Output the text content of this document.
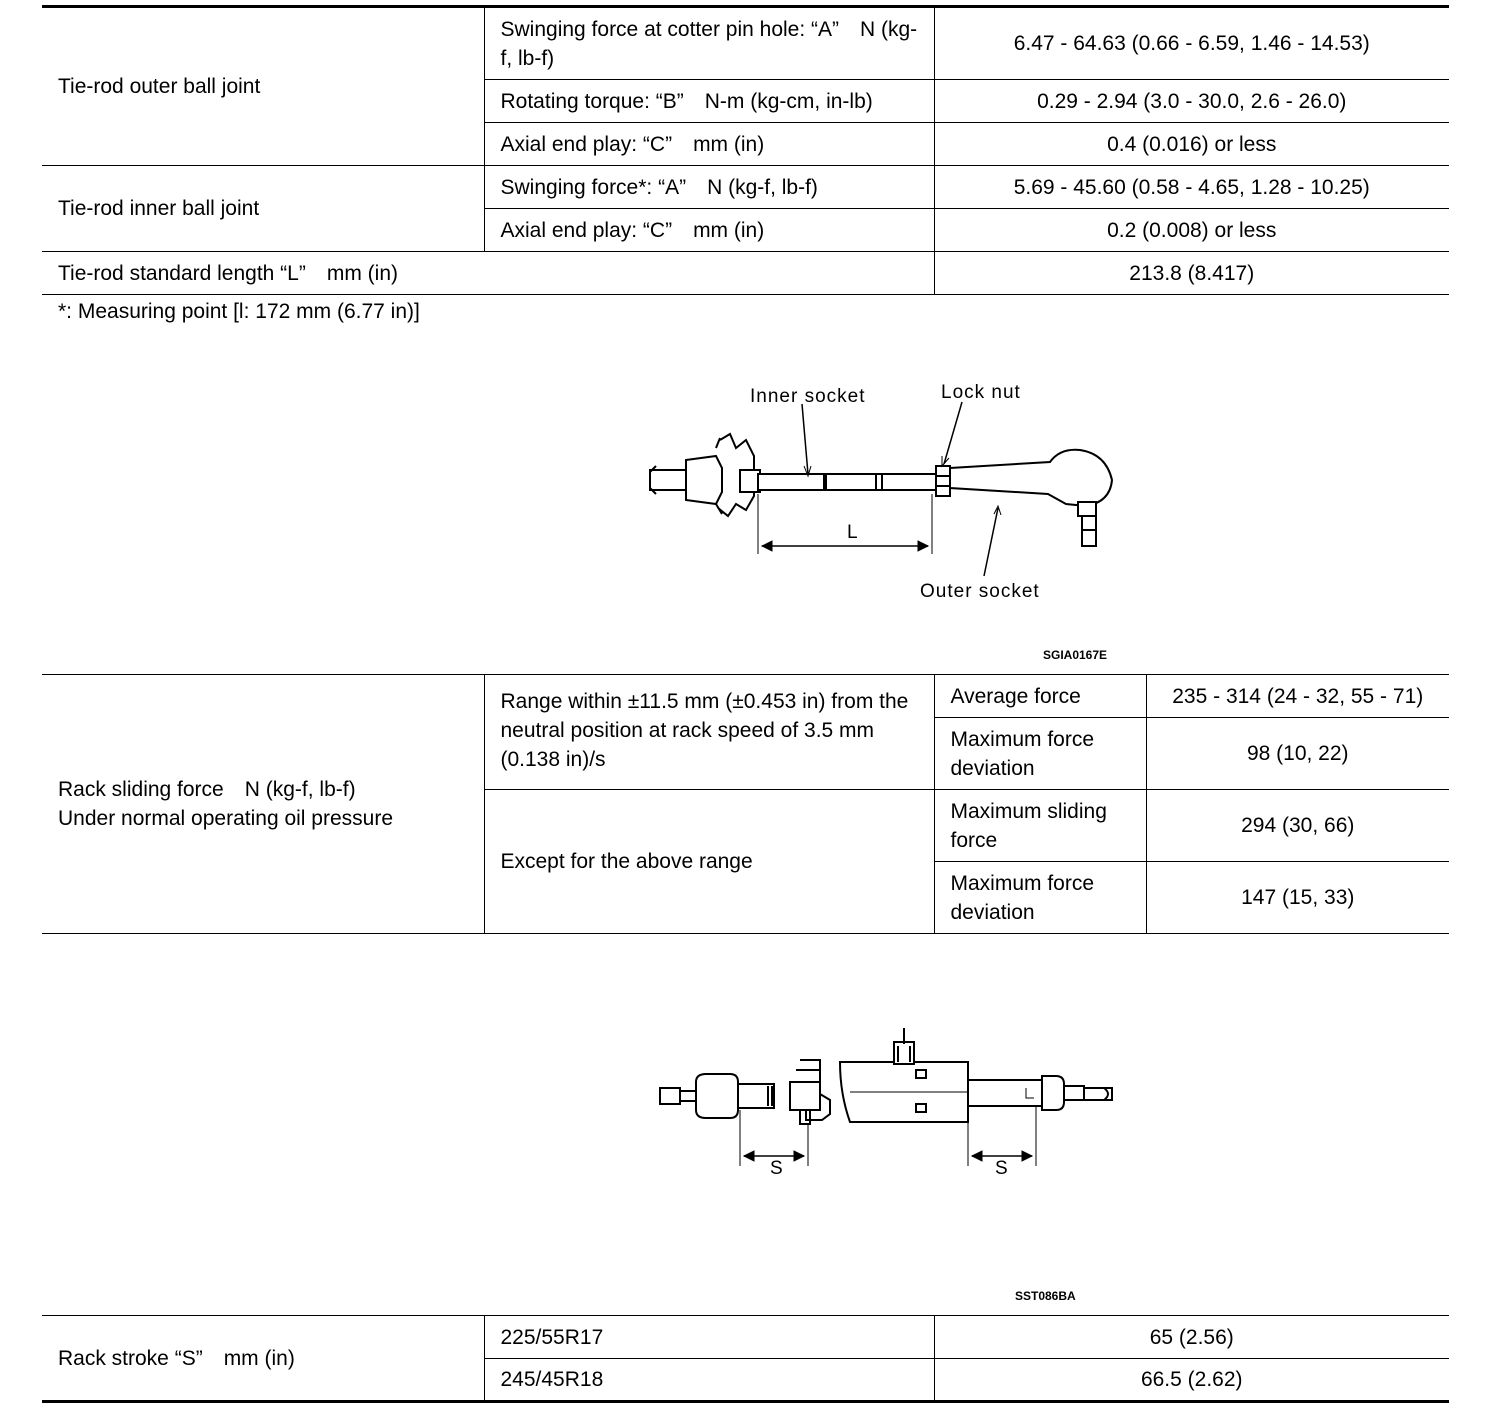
Tie-rod outer ball joint	Swinging force at cotter pin hole: “A” N (kg-f, lb-f)	6.47 - 64.63 (0.66 - 6.59, 1.46 - 14.53)
	Rotating torque: “B” N-m (kg-cm, in-lb)	0.29 - 2.94 (3.0 - 30.0, 2.6 - 26.0)
	Axial end play: “C” mm (in)	0.4 (0.016) or less
Tie-rod inner ball joint	Swinging force*: “A” N (kg-f, lb-f)	5.69 - 45.60 (0.58 - 4.65, 1.28 - 10.25)
	Axial end play: “C” mm (in)	0.2 (0.008) or less
Tie-rod standard length “L” mm (in)		213.8 (8.417)
*: Measuring point [l: 172 mm (6.77 in)]
Inner socket	Lock nut
Outer socket
L
SGIA0167E
Rack sliding force N (kg-f, lb-f)
Under normal operating oil pressure	Range within ±11.5 mm (±0.453 in) from the neutral position at rack speed of 3.5 mm (0.138 in)/s	Average force	235 - 314 (24 - 32, 55 - 71)
		Maximum force deviation	98 (10, 22)
	Except for the above range	Maximum sliding force	294 (30, 66)
		Maximum force deviation	147 (15, 33)
S	S
SST086BA
Rack stroke “S” mm (in)	225/55R17	65 (2.56)
	245/45R18	66.5 (2.62)
